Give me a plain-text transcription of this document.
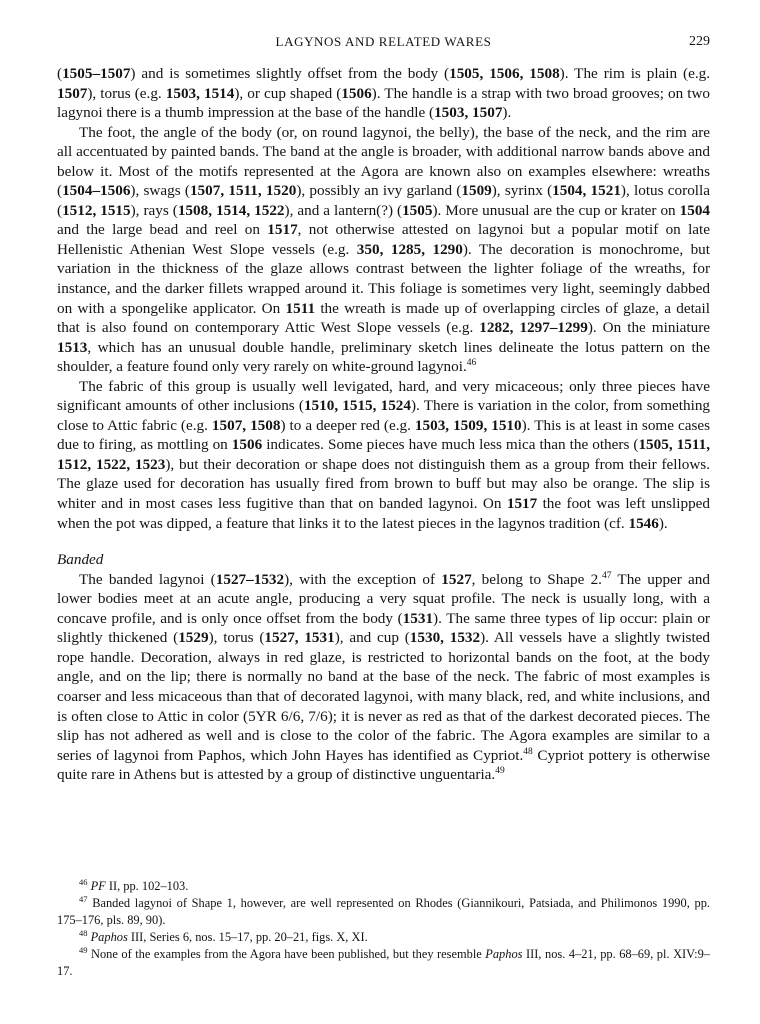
LAGYNOS AND RELATED WARES	229

(1505–1507) and is sometimes slightly offset from the body (1505, 1506, 1508). The rim is plain (e.g. 1507), torus (e.g. 1503, 1514), or cup shaped (1506). The handle is a strap with two broad grooves; on two lagynoi there is a thumb impression at the base of the handle (1503, 1507).

The foot, the angle of the body (or, on round lagynoi, the belly), the base of the neck, and the rim are all accentuated by painted bands. The band at the angle is broader, with additional narrow bands above and below it. Most of the motifs represented at the Agora are known also on examples elsewhere: wreaths (1504–1506), swags (1507, 1511, 1520), possibly an ivy garland (1509), syrinx (1504, 1521), lotus corolla (1512, 1515), rays (1508, 1514, 1522), and a lantern(?) (1505). More unusual are the cup or krater on 1504 and the large bead and reel on 1517, not otherwise attested on lagynoi but a popular motif on late Hellenistic Athenian West Slope vessels (e.g. 350, 1285, 1290). The decoration is monochrome, but variation in the thickness of the glaze allows contrast between the lighter foliage of the wreaths, for instance, and the darker fillets wrapped around it. This foliage is sometimes very light, seemingly dabbed on with a spongelike applicator. On 1511 the wreath is made up of overlapping circles of glaze, a detail that is also found on contemporary Attic West Slope vessels (e.g. 1282, 1297–1299). On the miniature 1513, which has an unusual double handle, preliminary sketch lines delineate the lotus pattern on the shoulder, a feature found only very rarely on white-ground lagynoi.$^{46}$

The fabric of this group is usually well levigated, hard, and very micaceous; only three pieces have significant amounts of other inclusions (1510, 1515, 1524). There is variation in the color, from something close to Attic fabric (e.g. 1507, 1508) to a deeper red (e.g. 1503, 1509, 1510). This is at least in some cases due to firing, as mottling on 1506 indicates. Some pieces have much less mica than the others (1505, 1511, 1512, 1522, 1523), but their decoration or shape does not distinguish them as a group from their fellows. The glaze used for decoration has usually fired from brown to buff but may also be orange. The slip is whiter and in most cases less fugitive than that on banded lagynoi. On 1517 the foot was left unslipped when the pot was dipped, a feature that links it to the latest pieces in the lagynos tradition (cf. 1546).

Banded

The banded lagynoi (1527–1532), with the exception of 1527, belong to Shape 2.47 The upper and lower bodies meet at an acute angle, producing a very squat profile. The neck is usually long, with a concave profile, and is only once offset from the body (1531). The same three types of lip occur: plain or slightly thickened (1529), torus (1527, 1531), and cup (1530, 1532). All vessels have a slightly twisted rope handle. Decoration, always in red glaze, is restricted to horizontal bands on the foot, at the body angle, and on the lip; there is normally no band at the base of the neck. The fabric of most examples is coarser and less micaceous than that of decorated lagynoi, with many black, red, and white inclusions, and is often close to Attic in color (5YR 6/6, 7/6); it is never as red as that of the darkest decorated pieces. The slip has not adhered as well and is close to the color of the fabric. The Agora examples are similar to a series of lagynoi from Paphos, which John Hayes has identified as Cypriot.$^{48}$ Cypriot pottery is otherwise quite rare in Athens but is attested by a group of distinctive unguentaria.$^{49}$

$^{46}$ PF II, pp. 102–103.

$^{47}$ Banded lagynoi of Shape 1, however, are well represented on Rhodes (Giannikouri, Patsiada, and Philimonos 1990, pp. 175–176, pls. 89, 90).

$^{48}$ Paphos III, Series 6, nos. 15–17, pp. 20–21, figs. X, XI.

$^{49}$ None of the examples from the Agora have been published, but they resemble Paphos III, nos. 4–21, pp. 68–69, pl. XIV:9–17.
